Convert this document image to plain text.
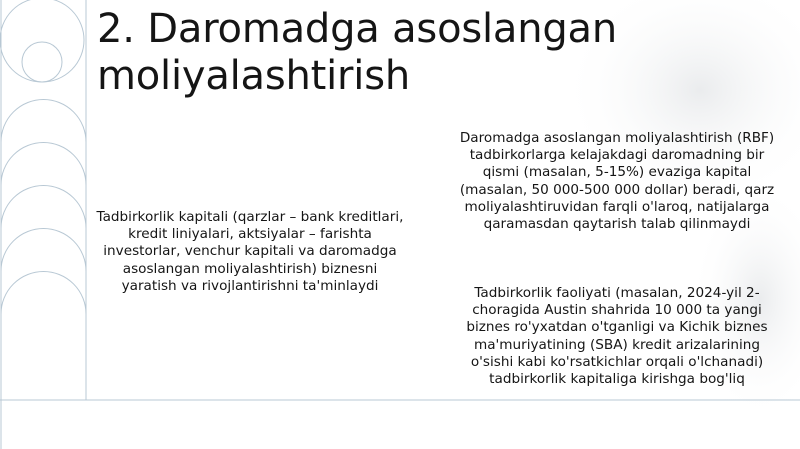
2. Daromadga asoslangan moliyalashtirish
Tadbirkorlik kapitali (qarzlar – bank kreditlari, kredit liniyalari, aktsiyalar – farishta investorlar, venchur kapitali va daromadga asoslangan moliyalashtirish) biznesni yaratish va rivojlantirishni ta'minlaydi
Daromadga asoslangan moliyalashtirish (RBF) tadbirkorlarga kelajakdagi daromadning bir qismi (masalan, 5-15%) evaziga kapital (masalan, 50 000-500 000 dollar) beradi, qarz moliyalashtiruvidan farqli o'laroq, natijalarga qaramasdan qaytarish talab qilinmaydi
Tadbirkorlik faoliyati (masalan, 2024-yil 2-choragida Austin shahrida 10 000 ta yangi biznes ro'yxatdan o'tganligi va Kichik biznes ma'muriyatining (SBA) kredit arizalarining o'sishi kabi ko'rsatkichlar orqali o'lchanadi) tadbirkorlik kapitaliga kirishga bog'liq
